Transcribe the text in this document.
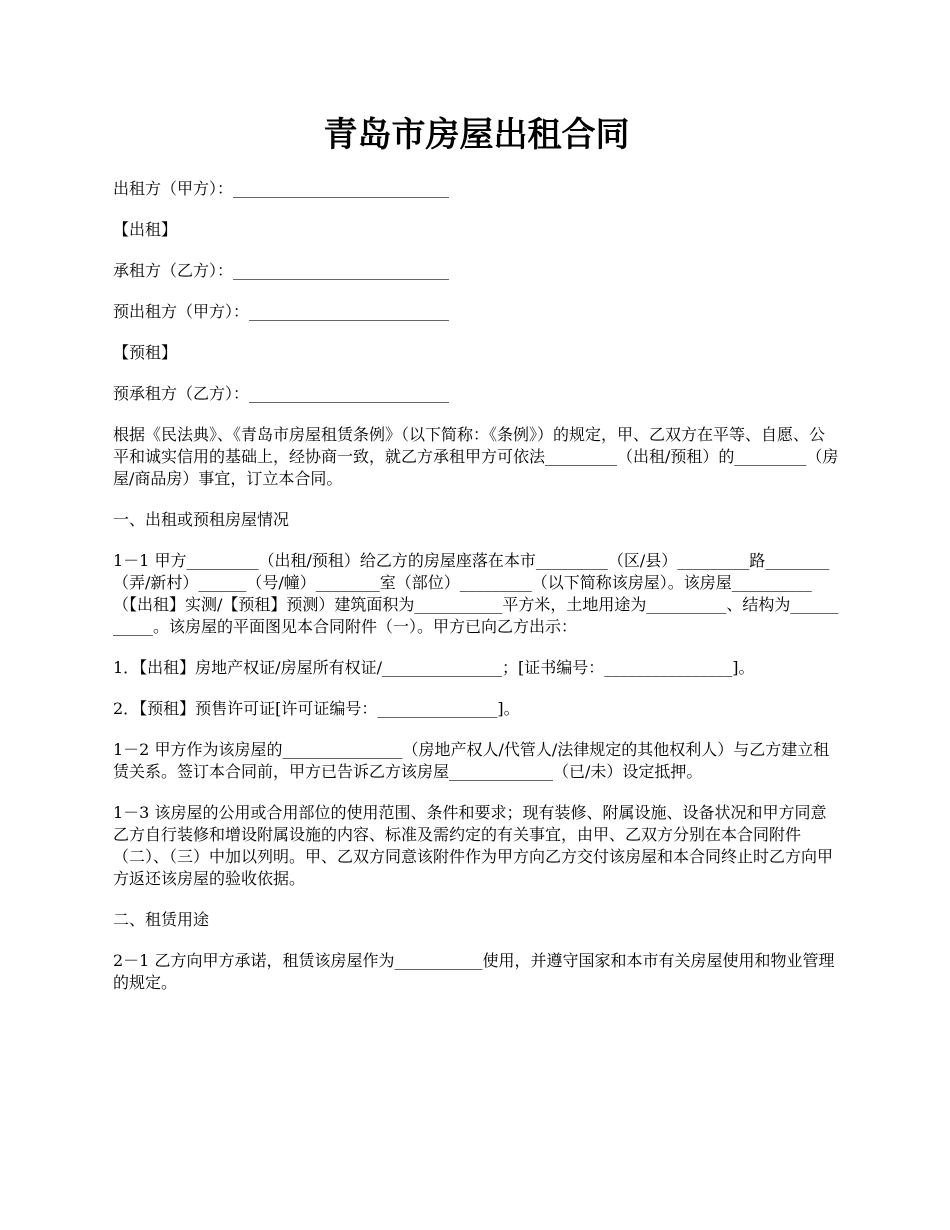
青岛市房屋出租合同

出租方（甲方）：___________________________

【出租】

承租方（乙方）：___________________________

预出租方（甲方）：_________________________

【预租】

预承租方（乙方）：_________________________

根据《民法典》、《青岛市房屋租赁条例》（以下简称：《条例》）的规定，甲、乙双方在平等、自愿、公平和诚实信用的基础上，经协商一致，就乙方承租甲方可依法_________（出租/预租）的_________（房屋/商品房）事宜，订立本合同。

一、出租或预租房屋情况

1－1 甲方_________（出租/预租）给乙方的房屋座落在本市_________（区/县）_________路________（弄/新村）______（号/幢）________室（部位）_________（以下简称该房屋）。该房屋__________（【出租】实测/【预租】预测）建筑面积为___________平方米，土地用途为__________、结构为___________。该房屋的平面图见本合同附件（一）。甲方已向乙方出示：

1．【出租】房地产权证/房屋所有权证/_______________；[证书编号：________________]。

2．【预租】预售许可证[许可证编号：_______________]。

1－2 甲方作为该房屋的_______________（房地产权人/代管人/法律规定的其他权利人）与乙方建立租赁关系。签订本合同前，甲方已告诉乙方该房屋_____________（已/未）设定抵押。

1－3 该房屋的公用或合用部位的使用范围、条件和要求；现有装修、附属设施、设备状况和甲方同意乙方自行装修和增设附属设施的内容、标准及需约定的有关事宜，由甲、乙双方分别在本合同附件（二）、（三）中加以列明。甲、乙双方同意该附件作为甲方向乙方交付该房屋和本合同终止时乙方向甲方返还该房屋的验收依据。

二、租赁用途

2－1 乙方向甲方承诺，租赁该房屋作为___________使用，并遵守国家和本市有关房屋使用和物业管理的规定。
